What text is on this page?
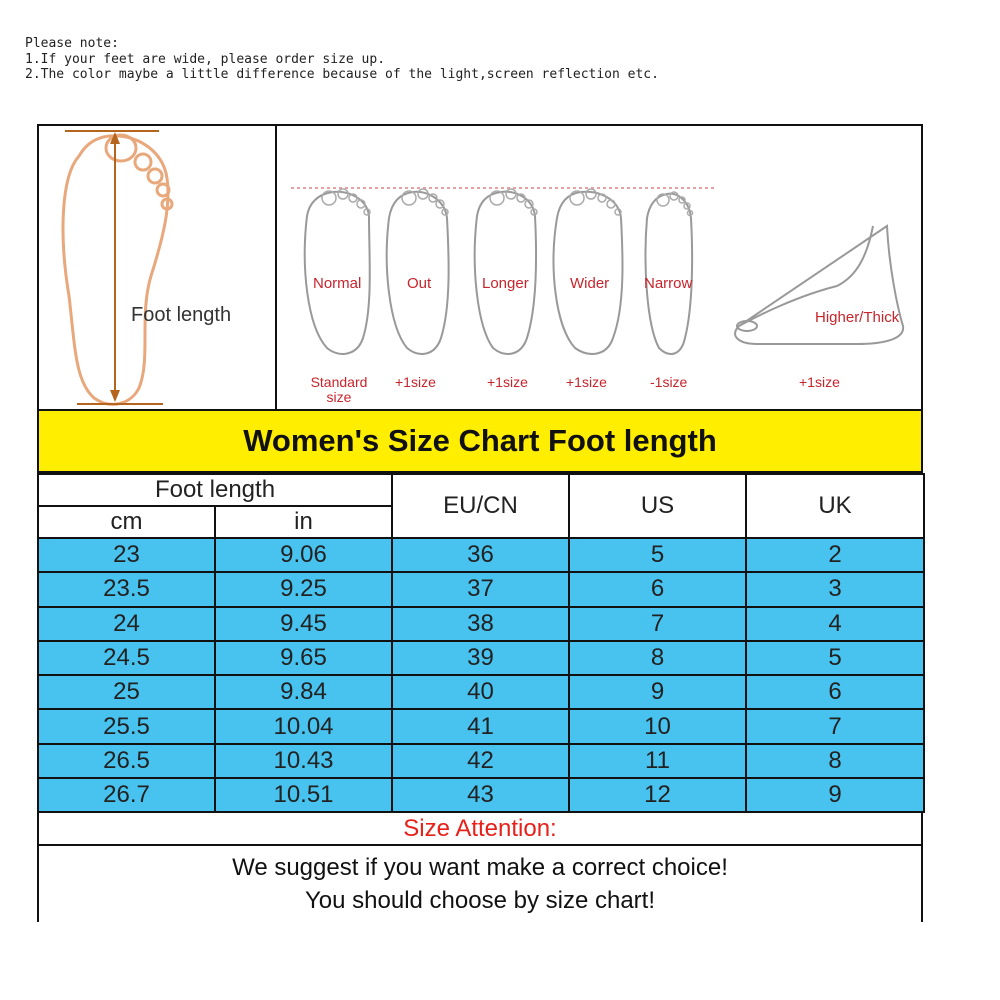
Please note:
1.If your feet are wide, please order size up.
2.The color maybe a little difference because of the light,screen reflection etc.
Foot length
Normal	Out	Longer	Wider Narrow
Higher/Thick
Standard
size
+1size	+1size	+1size	-1size	+1size
Women's Size Chart Foot length
Foot length		EU/CN	US	UK
cm	in			
23	9.06	36	5	2
23.5	9.25	37	6	3
24	9.45	38	7	4
24.5	9.65	39	8	5
25	9.84	40	9	6
25.5	10.04	41	10	7
26.5	10.43	42	11	8
26.7	10.51	43	12	9
Size Attention:
We suggest if you want make a correct choice!
You should choose by size chart!
